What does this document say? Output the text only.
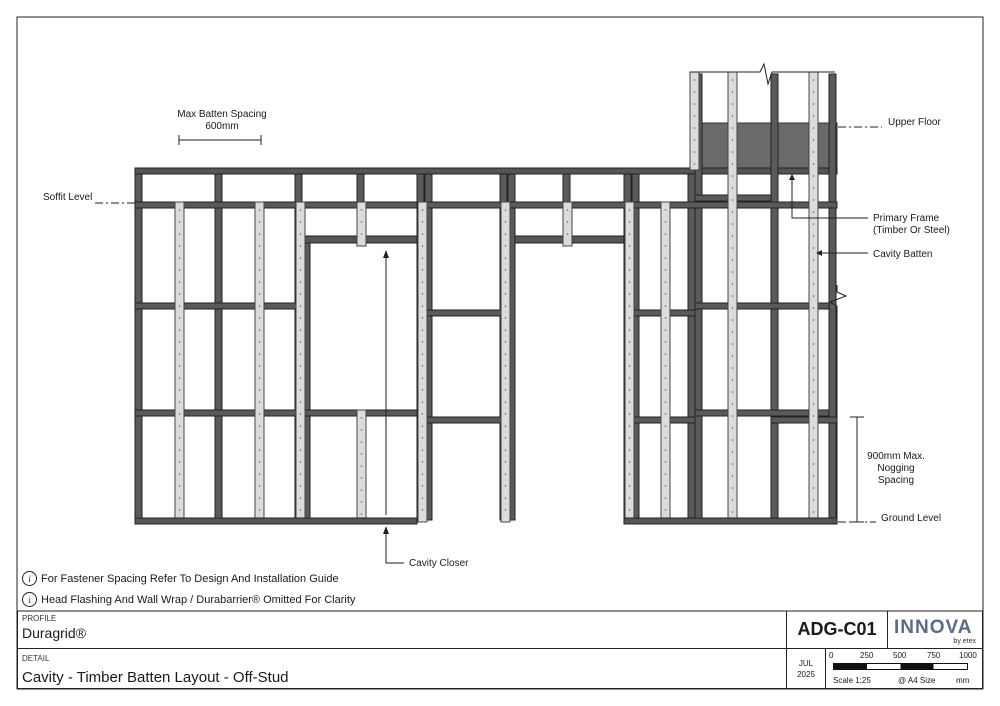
Max Batten Spacing
600mm
Soffit Level
Upper Floor
Primary Frame
(Timber Or Steel)
Cavity Batten
900mm Max.
Nogging
Spacing
Ground Level
Cavity Closer
i For Fastener Spacing Refer To Design And Installation Guide
i Head Flashing And Wall Wrap / Durabarrier® Omitted For Clarity
PROFILE
Duragrid®
DETAIL
Cavity - Timber Batten Layout - Off-Stud
ADG-C01 INNOVA
by etex
JUL
2025
0	250 500	750 1000
Scale 1:25	@ A4 Size	mm
